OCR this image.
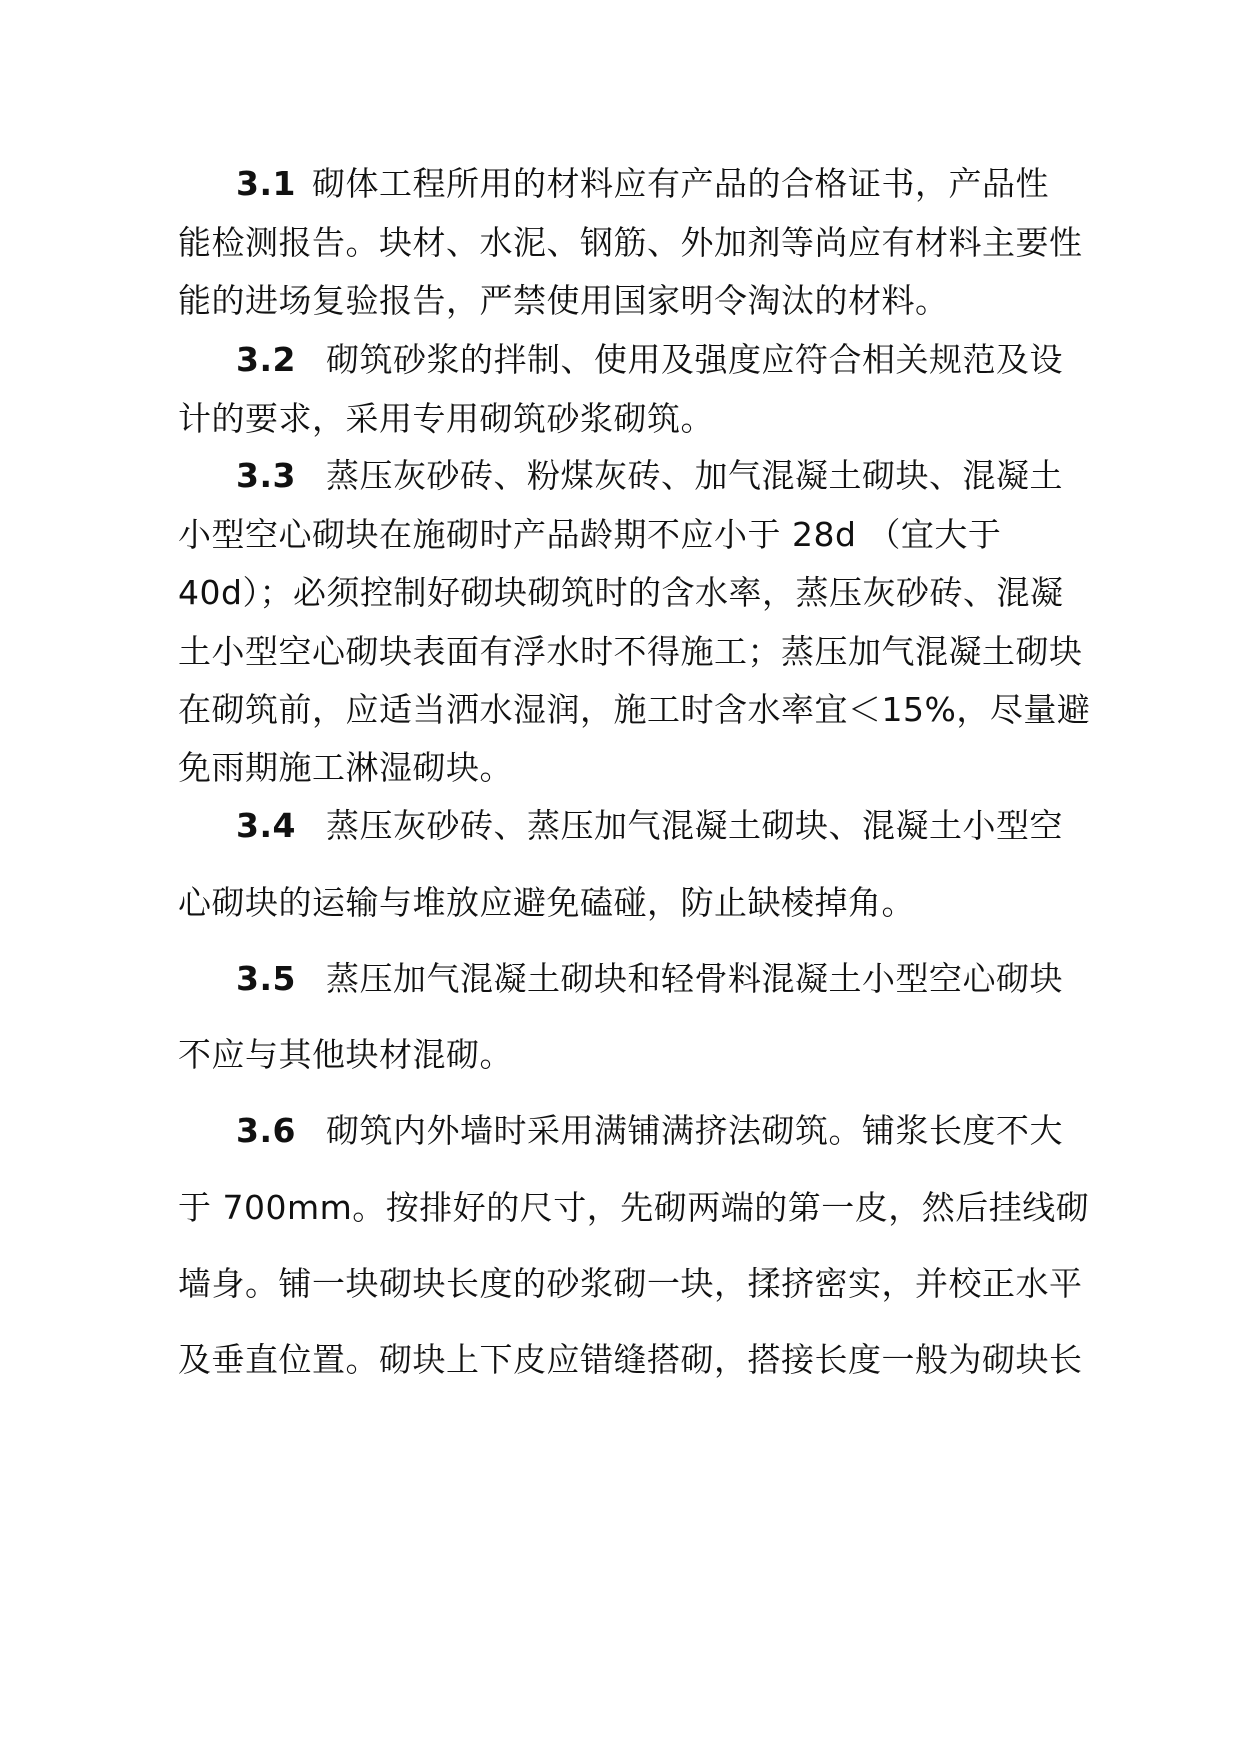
3.1 砌体工程所用的材料应有产品的合格证书，产品性
能检测报告。块材、水泥、钢筋、外加剂等尚应有材料主要性
能的进场复验报告，严禁使用国家明令淘汰的材料。
3.2 砌筑砂浆的拌制、使用及强度应符合相关规范及设
计的要求，采用专用砌筑砂浆砌筑。
3.3 蒸压灰砂砖、粉煤灰砖、加气混凝土砌块、混凝土
小型空心砌块在施砌时产品龄期不应小于 28d （宜大于
40d）；必须控制好砌块砌筑时的含水率，蒸压灰砂砖、混凝
土小型空心砌块表面有浮水时不得施工；蒸压加气混凝土砌块
在砌筑前，应适当洒水湿润，施工时含水率宜＜15%，尽量避
免雨期施工淋湿砌块。
3.4 蒸压灰砂砖、蒸压加气混凝土砌块、混凝土小型空
心砌块的运输与堆放应避免磕碰，防止缺棱掉角。
3.5 蒸压加气混凝土砌块和轻骨料混凝土小型空心砌块
不应与其他块材混砌。
3.6 砌筑内外墙时采用满铺满挤法砌筑。铺浆长度不大
于 700mm。按排好的尺寸，先砌两端的第一皮，然后挂线砌
墙身。铺一块砌块长度的砂浆砌一块，揉挤密实，并校正水平
及垂直位置。砌块上下皮应错缝搭砌，搭接长度一般为砌块长
